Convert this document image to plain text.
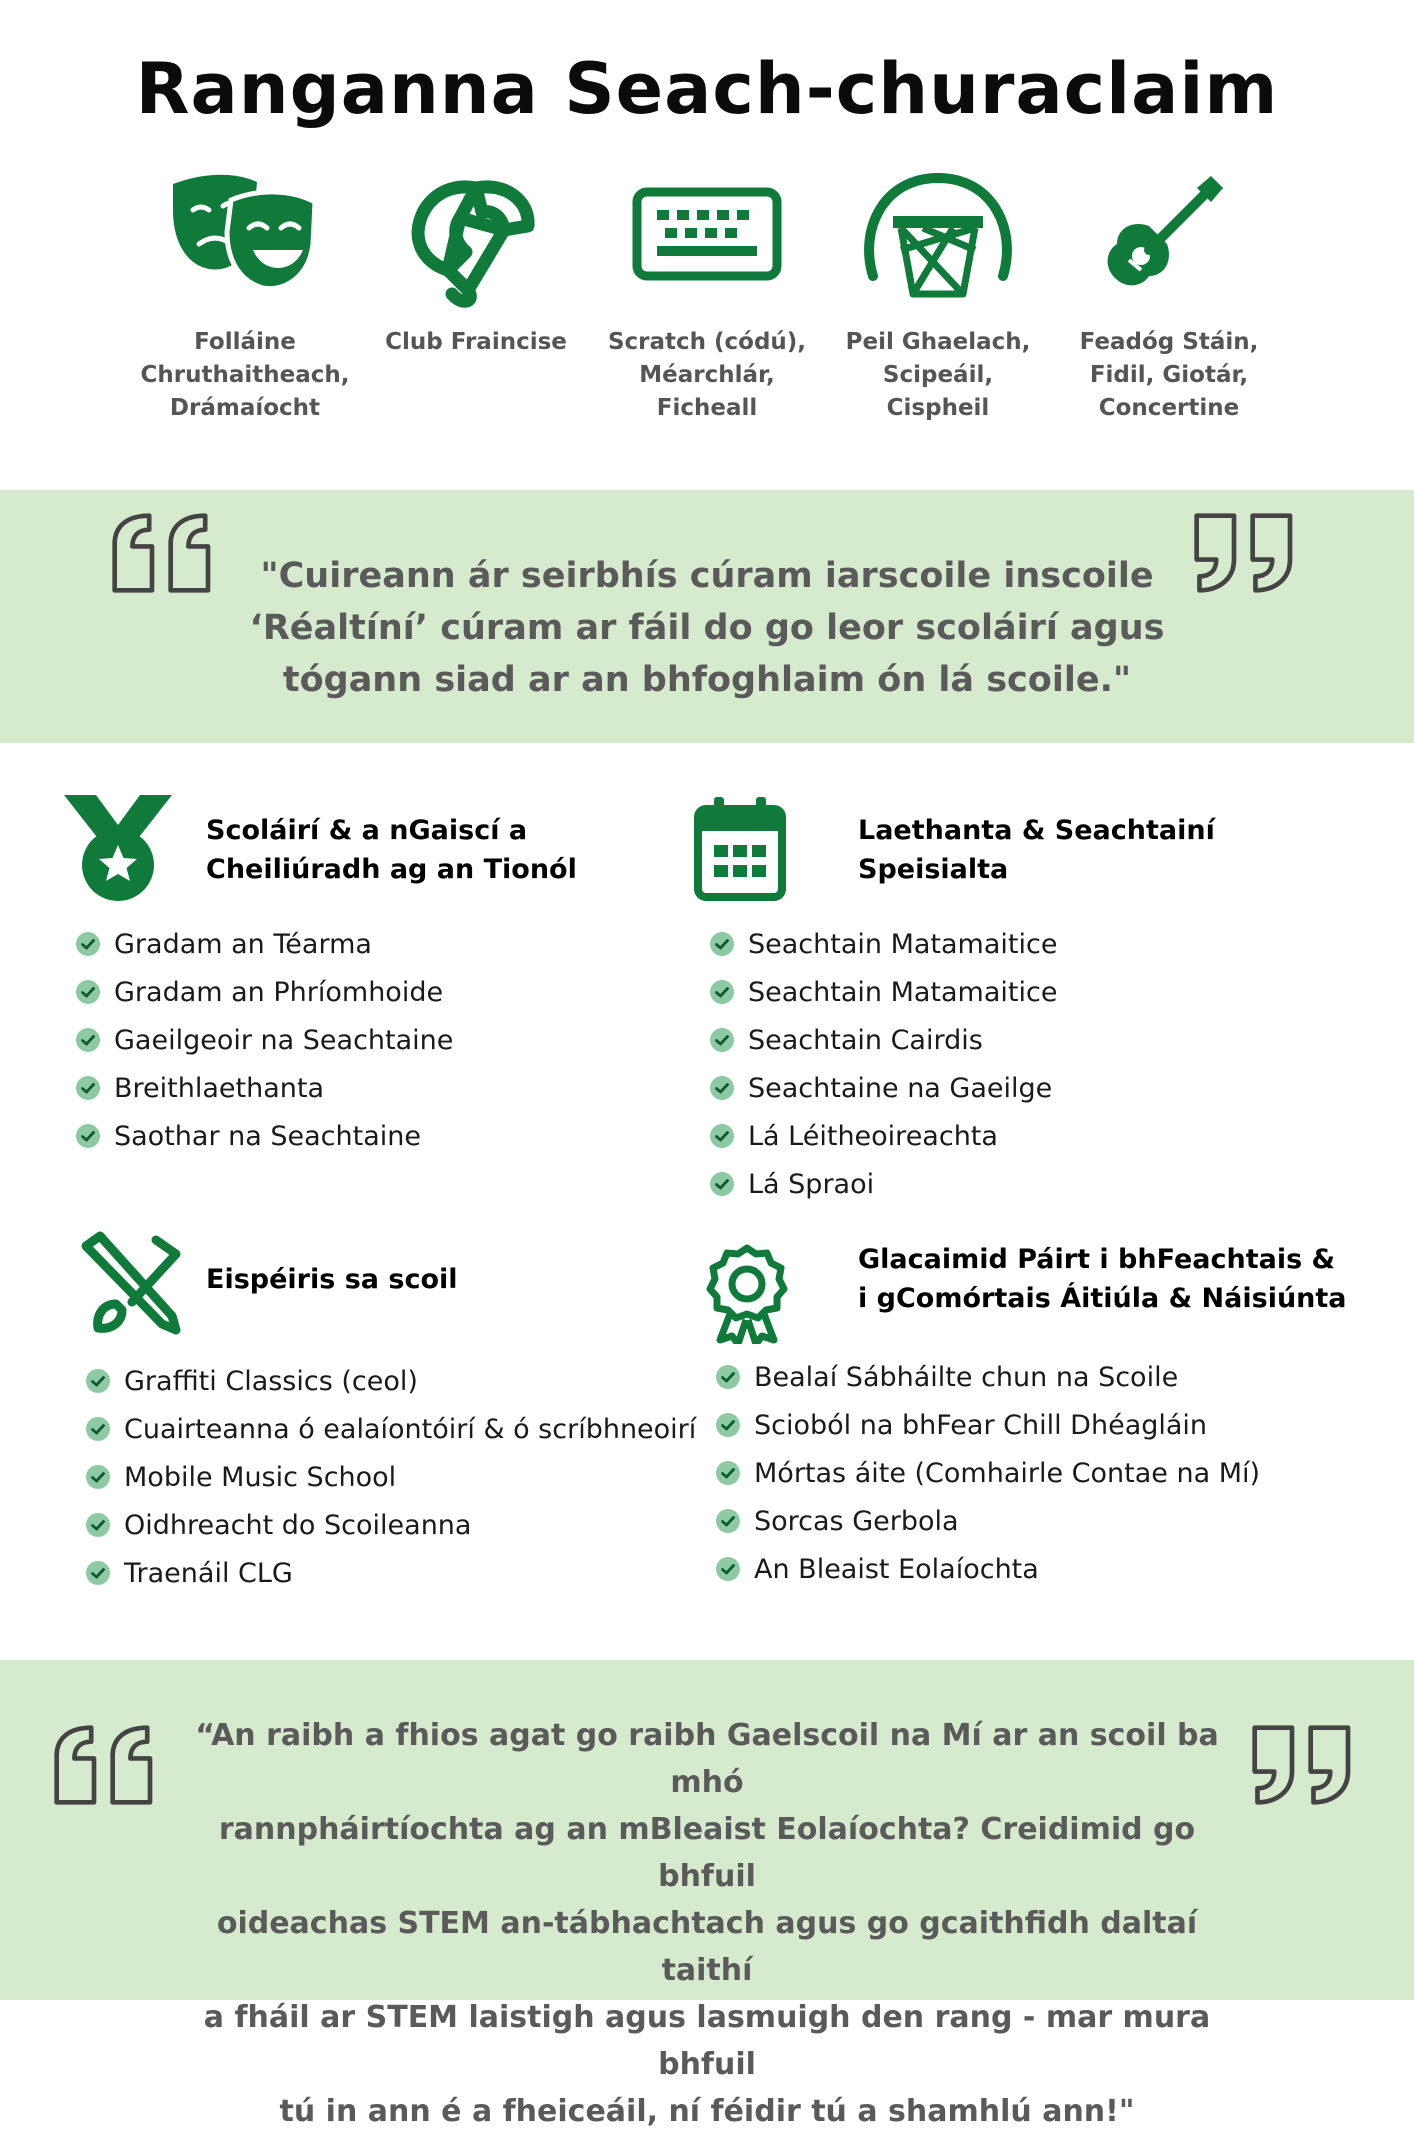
Ranganna Seach-churaclaim
Folláine
Chruthaitheach,
Drámaíocht
Club Fraincise	Scratch (códú),
Méarchlár,
Ficheall
Peil Ghaelach,
Scipeáil,
Cispheil
Feadóg Stáin,
Fidil, Giotár,
Concertine
"Cuireann ár seirbhís cúram iarscoile inscoile
‘Réaltíní’ cúram ar fáil do go leor scoláirí agus
tógann siad ar an bhfoghlaim ón lá scoile."
Scoláirí & a nGaiscí a
Cheiliúradh ag an Tionól
Gradam an Téarma
Gradam an Phríomhoide
Gaeilgeoir na Seachtaine
Breithlaethanta
Saothar na Seachtaine
Laethanta & Seachtainí
Speisialta
Seachtain Matamaitice
Seachtain Matamaitice
Seachtain Cairdis
Seachtaine na Gaeilge
Lá Léitheoireachta
Lá Spraoi
Eispéiris sa scoil
Graffiti Classics (ceol)
Cuairteanna ó ealaíontóirí & ó scríbhneoirí
Mobile Music School
Oidhreacht do Scoileanna
Traenáil CLG
Glacaimid Páirt i bhFeachtais &
i gComórtais Áitiúla & Náisiúnta
Bealaí Sábháilte chun na Scoile
Scioból na bhFear Chill Dhéagláin
Mórtas áite (Comhairle Contae na Mí)
Sorcas Gerbola
An Bleaist Eolaíochta
“An raibh a fhios agat go raibh Gaelscoil na Mí ar an scoil ba mhó
rannpháirtíochta ag an mBleaist Eolaíochta? Creidimid go bhfuil
oideachas STEM an-tábhachtach agus go gcaithfidh daltaí taithí
a fháil ar STEM laistigh agus lasmuigh den rang - mar mura bhfuil
tú in ann é a fheiceáil, ní féidir tú a shamhlú ann!"
